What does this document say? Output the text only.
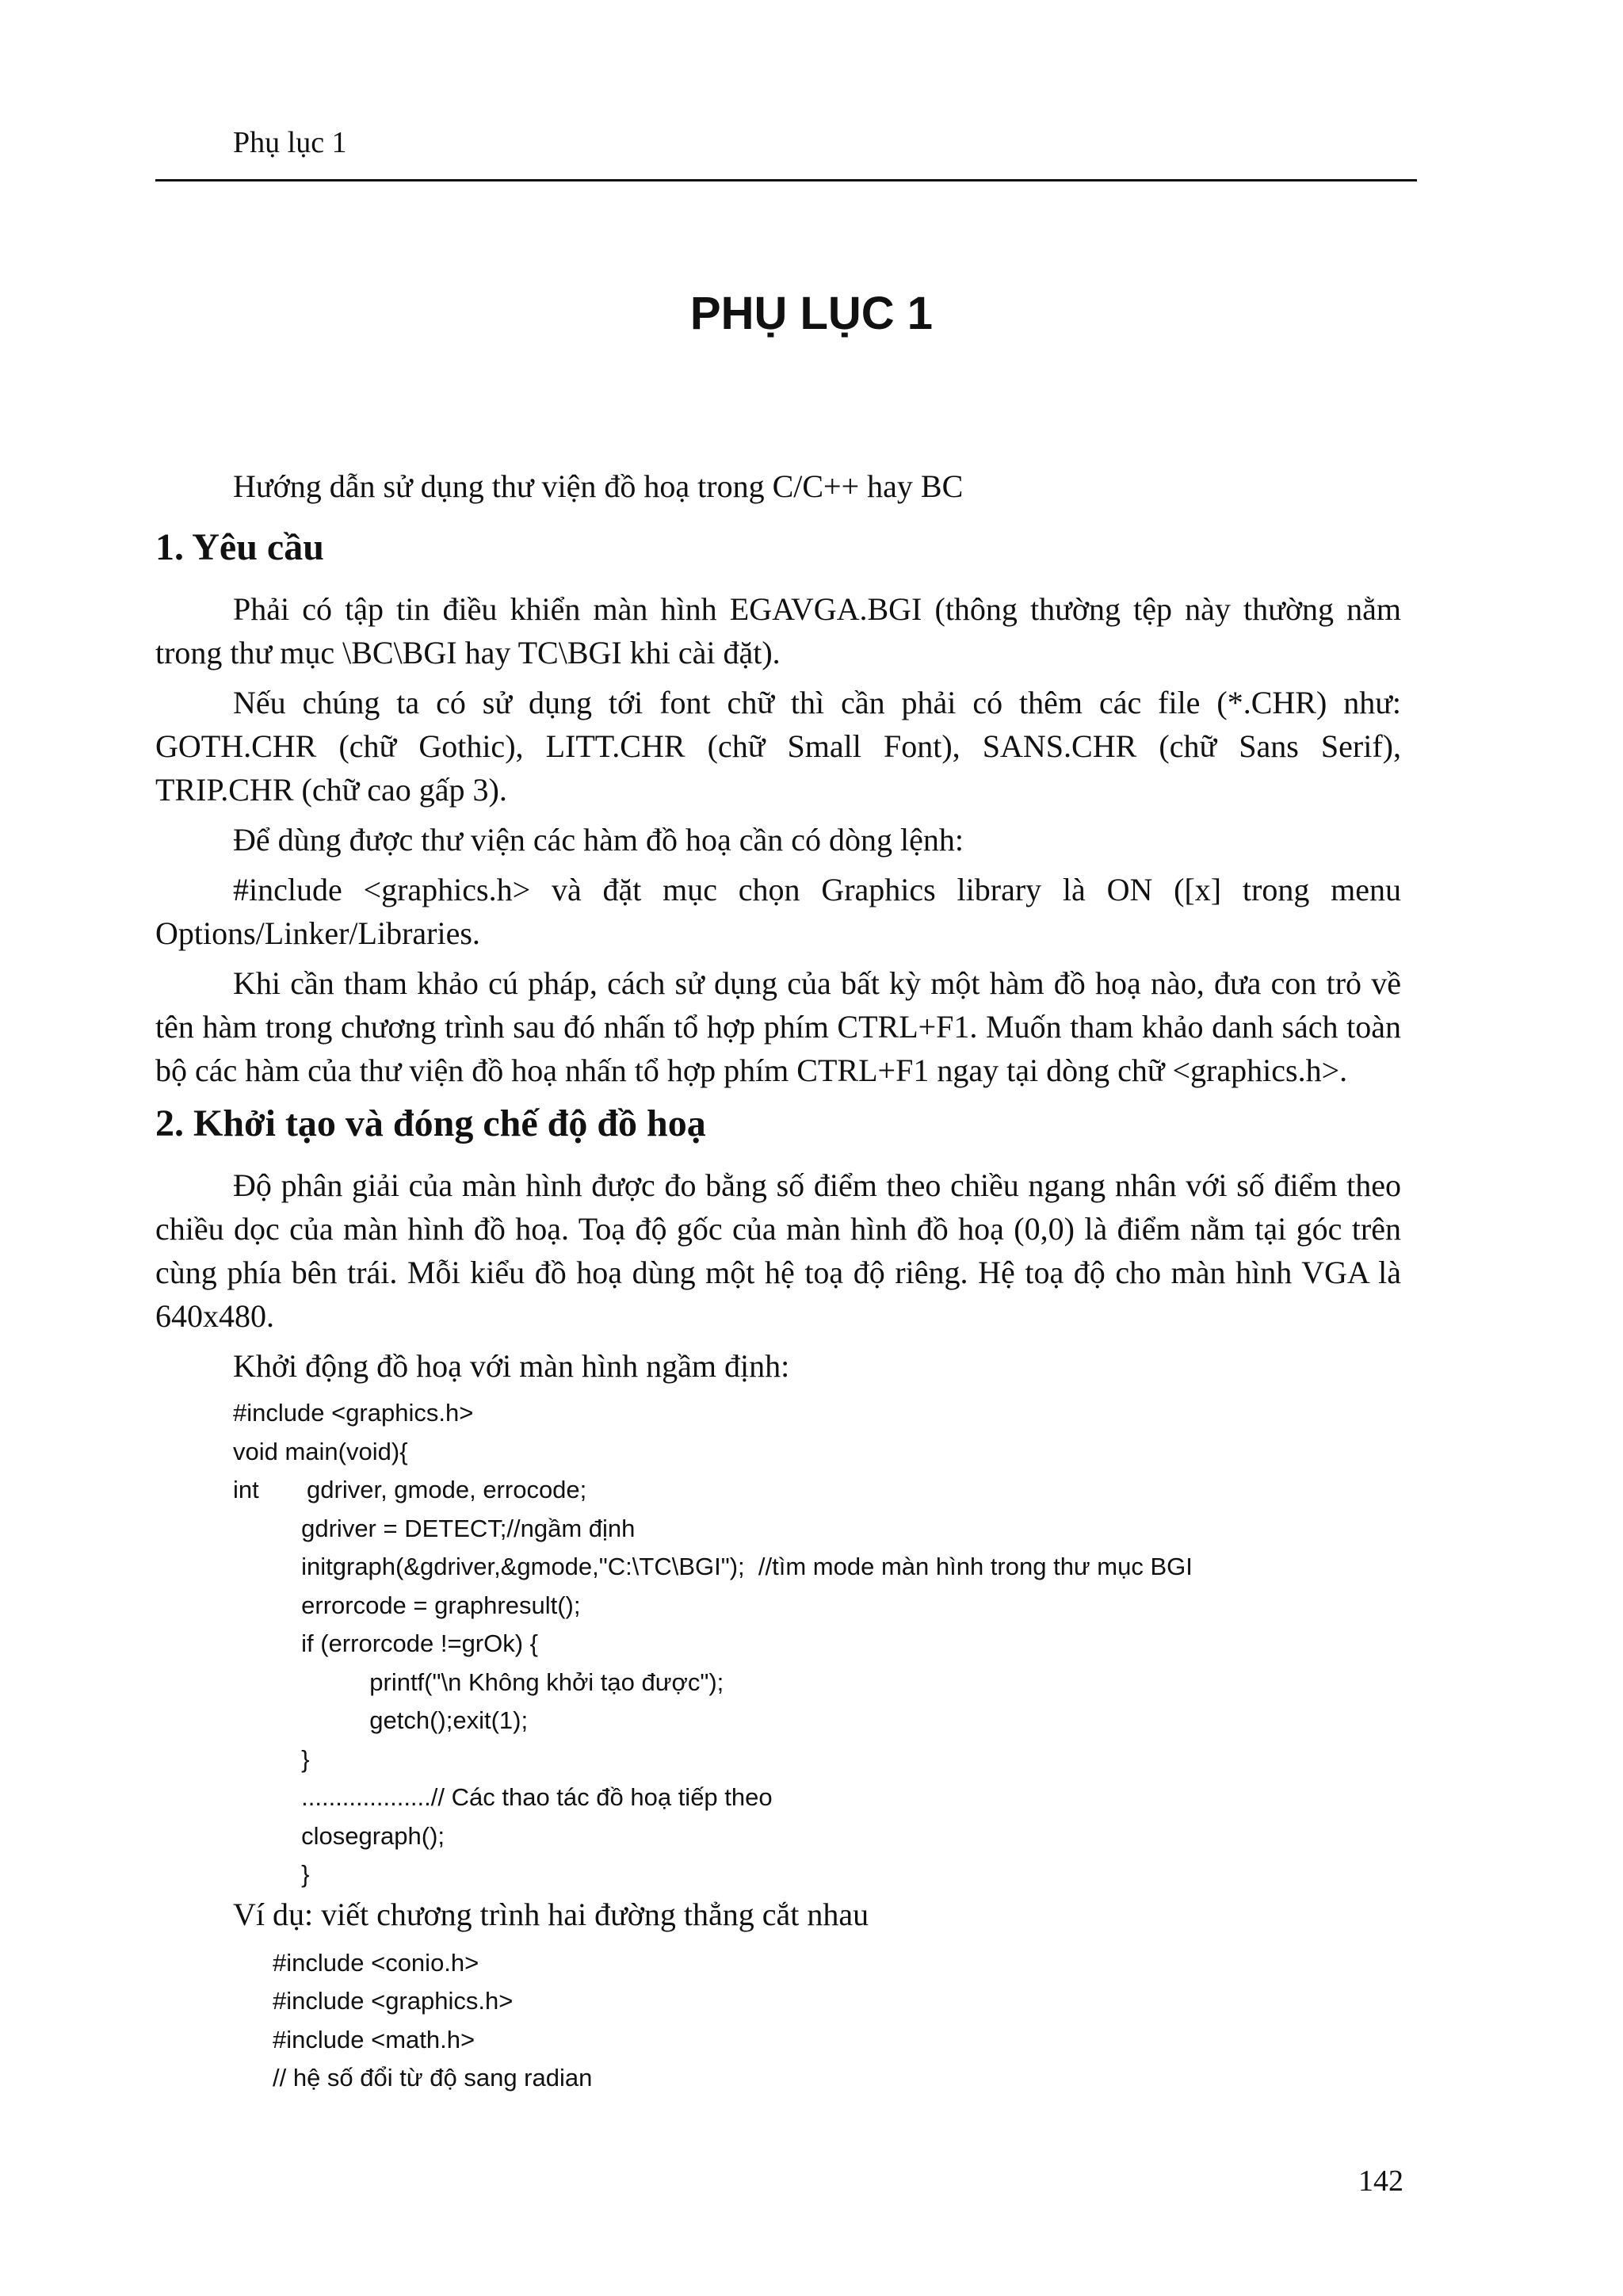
Phụ lục 1
PHỤ LỤC 1

Hướng dẫn sử dụng thư viện đồ hoạ trong C/C++ hay BC

1. Yêu cầu

Phải có tập tin điều khiển màn hình EGAVGA.BGI (thông thường tệp này thường nằm trong thư mục \BC\BGI hay TC\BGI khi cài đặt).

Nếu chúng ta có sử dụng tới font chữ thì cần phải có thêm các file (*.CHR) như: GOTH.CHR (chữ Gothic), LITT.CHR (chữ Small Font), SANS.CHR (chữ Sans Serif), TRIP.CHR (chữ cao gấp 3).

Để dùng được thư viện các hàm đồ hoạ cần có dòng lệnh:

#include <graphics.h> và đặt mục chọn Graphics library là ON ([x] trong menu Options/Linker/Libraries.

Khi cần tham khảo cú pháp, cách sử dụng của bất kỳ một hàm đồ hoạ nào, đưa con trỏ về tên hàm trong chương trình sau đó nhấn tổ hợp phím CTRL+F1. Muốn tham khảo danh sách toàn bộ các hàm của thư viện đồ hoạ nhấn tổ hợp phím CTRL+F1 ngay tại dòng chữ <graphics.h>.

2. Khởi tạo và đóng chế độ đồ hoạ

Độ phân giải của màn hình được đo bằng số điểm theo chiều ngang nhân với số điểm theo chiều dọc của màn hình đồ hoạ. Toạ độ gốc của màn hình đồ hoạ (0,0) là điểm nằm tại góc trên cùng phía bên trái. Mỗi kiểu đồ hoạ dùng một hệ toạ độ riêng. Hệ toạ độ cho màn hình VGA là 640x480.

Khởi động đồ hoạ với màn hình ngầm định:

#include <graphics.h>
void main(void){
int       gdriver, gmode, errocode;
gdriver = DETECT;//ngầm định
initgraph(&gdriver,&gmode,"C:\TC\BGI");  //tìm mode màn hình trong thư mục BGI
errorcode = graphresult();
if (errorcode !=grOk) {
printf("\n Không khởi tạo được");
getch();exit(1);
}
...................// Các thao tác đồ hoạ tiếp theo
closegraph();
}

Ví dụ: viết chương trình hai đường thẳng cắt nhau

#include <conio.h>
#include <graphics.h>
#include <math.h>
// hệ số đổi từ độ sang radian
142
